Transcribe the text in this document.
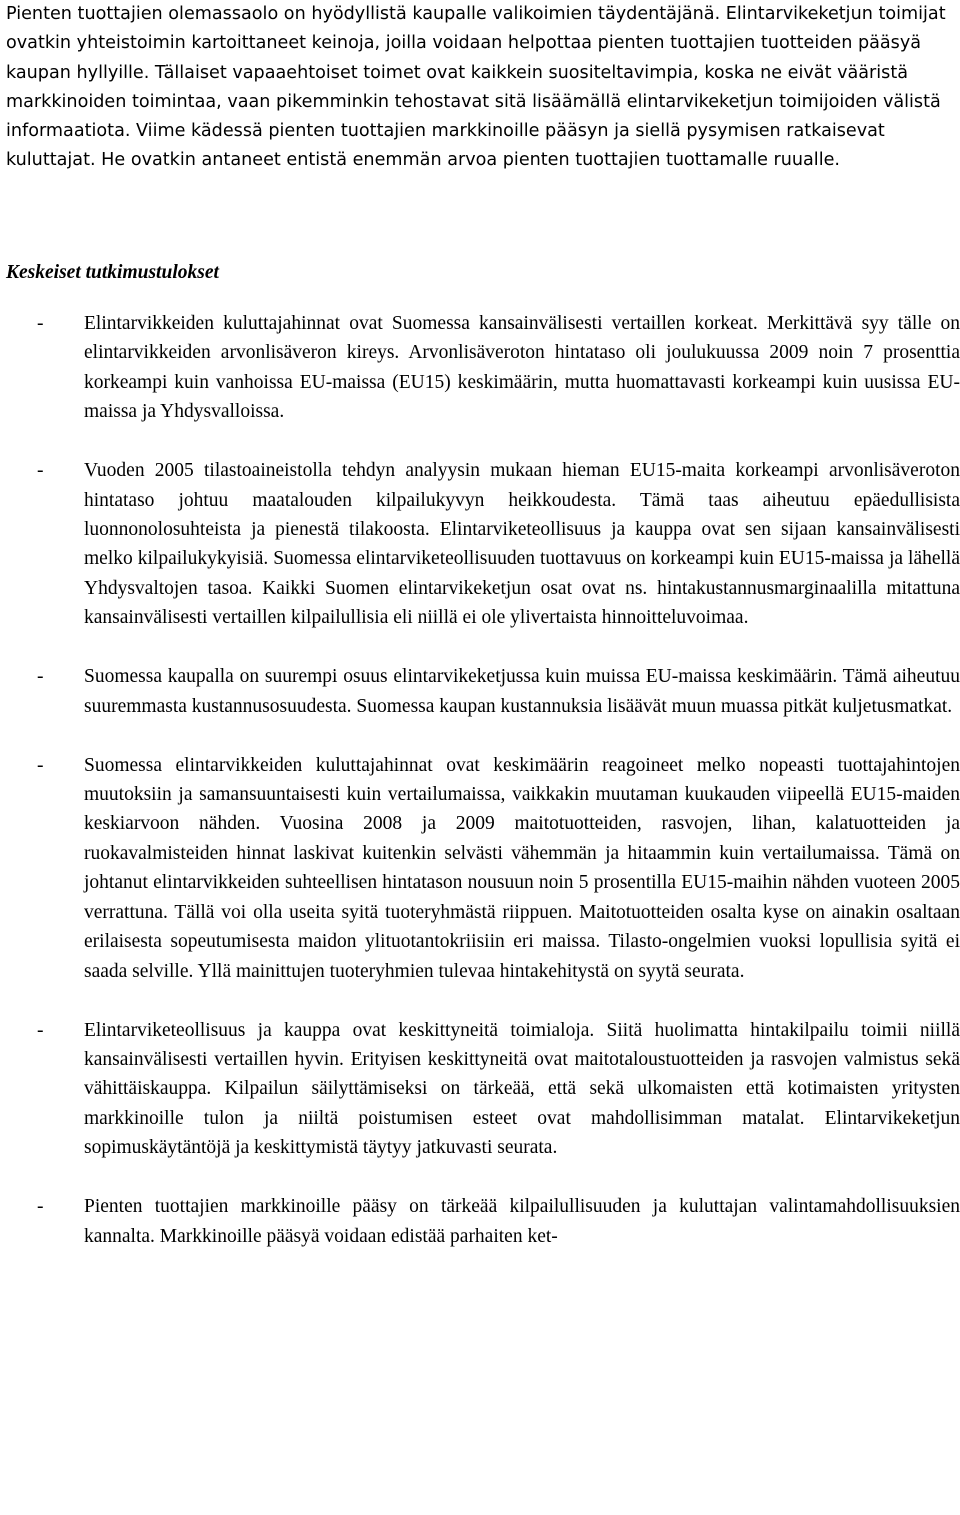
Pienten tuottajien olemassaolo on hyödyllistä kaupalle valikoimien täydentäjänä. Elintarvikeketjun toimijat ovatkin yhteistoimin kartoittaneet keinoja, joilla voidaan helpottaa pienten tuottajien tuotteiden pääsyä kaupan hyllyille. Tällaiset vapaaehtoiset toimet ovat kaikkein suositeltavimpia, koska ne eivät vääristä markkinoiden toimintaa, vaan pikemminkin tehostavat sitä lisäämällä elintarvikeketjun toimijoiden välistä informaatiota. Viime kädessä pienten tuottajien markkinoille pääsyn ja siellä pysymisen ratkaisevat kuluttajat. He ovatkin antaneet entistä enemmän arvoa pienten tuottajien tuottamalle ruualle.

Keskeiset tutkimustulokset
- Elintarvikkeiden kuluttajahinnat ovat Suomessa kansainvälisesti vertaillen korkeat. Merkittävä syy tälle on elintarvikkeiden arvonlisäveron kireys. Arvonlisäveroton hintataso oli joulukuussa 2009 noin 7 prosenttia korkeampi kuin vanhoissa EU-maissa (EU15) keskimäärin, mutta huomattavasti korkeampi kuin uusissa EU-maissa ja Yhdysvalloissa.
- Vuoden 2005 tilastoaineistolla tehdyn analyysin mukaan hieman EU15-maita korkeampi arvonlisäveroton hintataso johtuu maatalouden kilpailukyvyn heikkoudesta. Tämä taas aiheutuu epäedullisista luonnonolosuhteista ja pienestä tilakoosta. Elintarviketeollisuus ja kauppa ovat sen sijaan kansainvälisesti melko kilpailukykyisiä. Suomessa elintarviketeollisuuden tuottavuus on korkeampi kuin EU15-maissa ja lähellä Yhdysvaltojen tasoa. Kaikki Suomen elintarvikeketjun osat ovat ns. hintakustannusmarginaalilla mitattuna kansainvälisesti vertaillen kilpailullisia eli niillä ei ole ylivertaista hinnoitteluvoimaa.
- Suomessa kaupalla on suurempi osuus elintarvikeketjussa kuin muissa EU-maissa keskimäärin. Tämä aiheutuu suuremmasta kustannusosuudesta. Suomessa kaupan kustannuksia lisäävät muun muassa pitkät kuljetusmatkat.
- Suomessa elintarvikkeiden kuluttajahinnat ovat keskimäärin reagoineet melko nopeasti tuottajahintojen muutoksiin ja samansuuntaisesti kuin vertailumaissa, vaikkakin muutaman kuukauden viipeellä EU15-maiden keskiarvoon nähden. Vuosina 2008 ja 2009 maitotuotteiden, rasvojen, lihan, kalatuotteiden ja ruokavalmisteiden hinnat laskivat kuitenkin selvästi vähemmän ja hitaammin kuin vertailumaissa. Tämä on johtanut elintarvikkeiden suhteellisen hintatason nousuun noin 5 prosentilla EU15-maihin nähden vuoteen 2005 verrattuna. Tällä voi olla useita syitä tuoteryhmästä riippuen. Maitotuotteiden osalta kyse on ainakin osaltaan erilaisesta sopeutumisesta maidon ylituotantokriisiin eri maissa. Tilasto-ongelmien vuoksi lopullisia syitä ei saada selville. Yllä mainittujen tuoteryhmien tulevaa hintakehitystä on syytä seurata.
- Elintarviketeollisuus ja kauppa ovat keskittyneitä toimialoja. Siitä huolimatta hintakilpailu toimii niillä kansainvälisesti vertaillen hyvin. Erityisen keskittyneitä ovat maitotaloustuotteiden ja rasvojen valmistus sekä vähittäiskauppa. Kilpailun säilyttämiseksi on tärkeää, että sekä ulkomaisten että kotimaisten yritysten markkinoille tulon ja niiltä poistumisen esteet ovat mahdollisimman matalat. Elintarvikeketjun sopimuskäytäntöjä ja keskittymistä täytyy jatkuvasti seurata.
- Pienten tuottajien markkinoille pääsy on tärkeää kilpailullisuuden ja kuluttajan valintamahdollisuuksien kannalta. Markkinoille pääsyä voidaan edistää parhaiten ket-
